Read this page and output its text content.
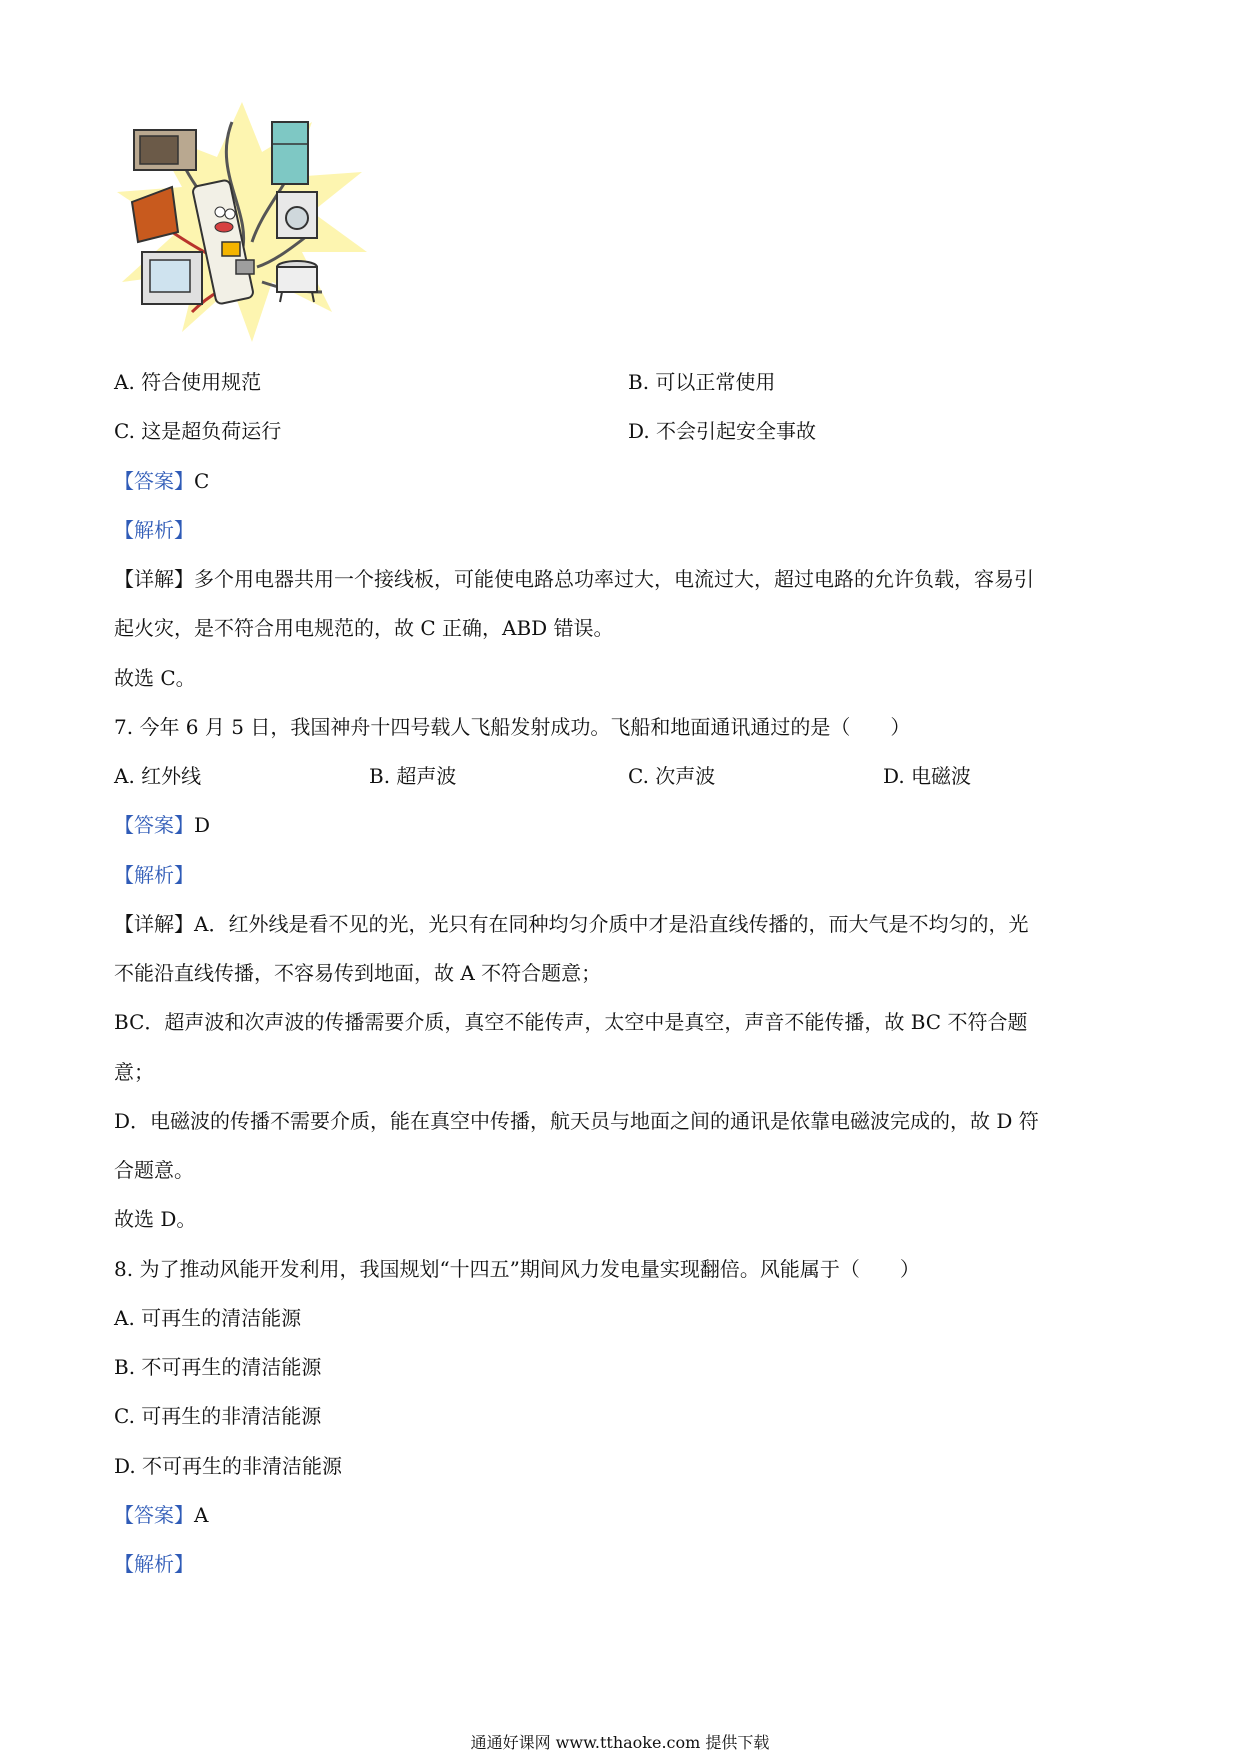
A. 符合使用规范	B. 可以正常使用
C. 这是超负荷运行	D. 不会引起安全事故
【答案】C
【解析】
【详解】多个用电器共用一个接线板，可能使电路总功率过大，电流过大，超过电路的允许负载，容易引
起火灾，是不符合用电规范的，故 C 正确，ABD 错误。
故选 C。
7. 今年 6 月 5 日，我国神舟十四号载人飞船发射成功。飞船和地面通讯通过的是（　　）
A. 红外线	B. 超声波	C. 次声波	D. 电磁波
【答案】D
【解析】
【详解】A．红外线是看不见的光，光只有在同种均匀介质中才是沿直线传播的，而大气是不均匀的，光
不能沿直线传播，不容易传到地面，故 A 不符合题意；
BC．超声波和次声波的传播需要介质，真空不能传声，太空中是真空，声音不能传播，故 BC 不符合题
意；
D．电磁波的传播不需要介质，能在真空中传播，航天员与地面之间的通讯是依靠电磁波完成的，故 D 符
合题意。
故选 D。
8. 为了推动风能开发利用，我国规划“十四五”期间风力发电量实现翻倍。风能属于（　　）
A. 可再生的清洁能源
B. 不可再生的清洁能源
C. 可再生的非清洁能源
D. 不可再生的非清洁能源
【答案】A
【解析】
通通好课网 www.tthaoke.com 提供下载
